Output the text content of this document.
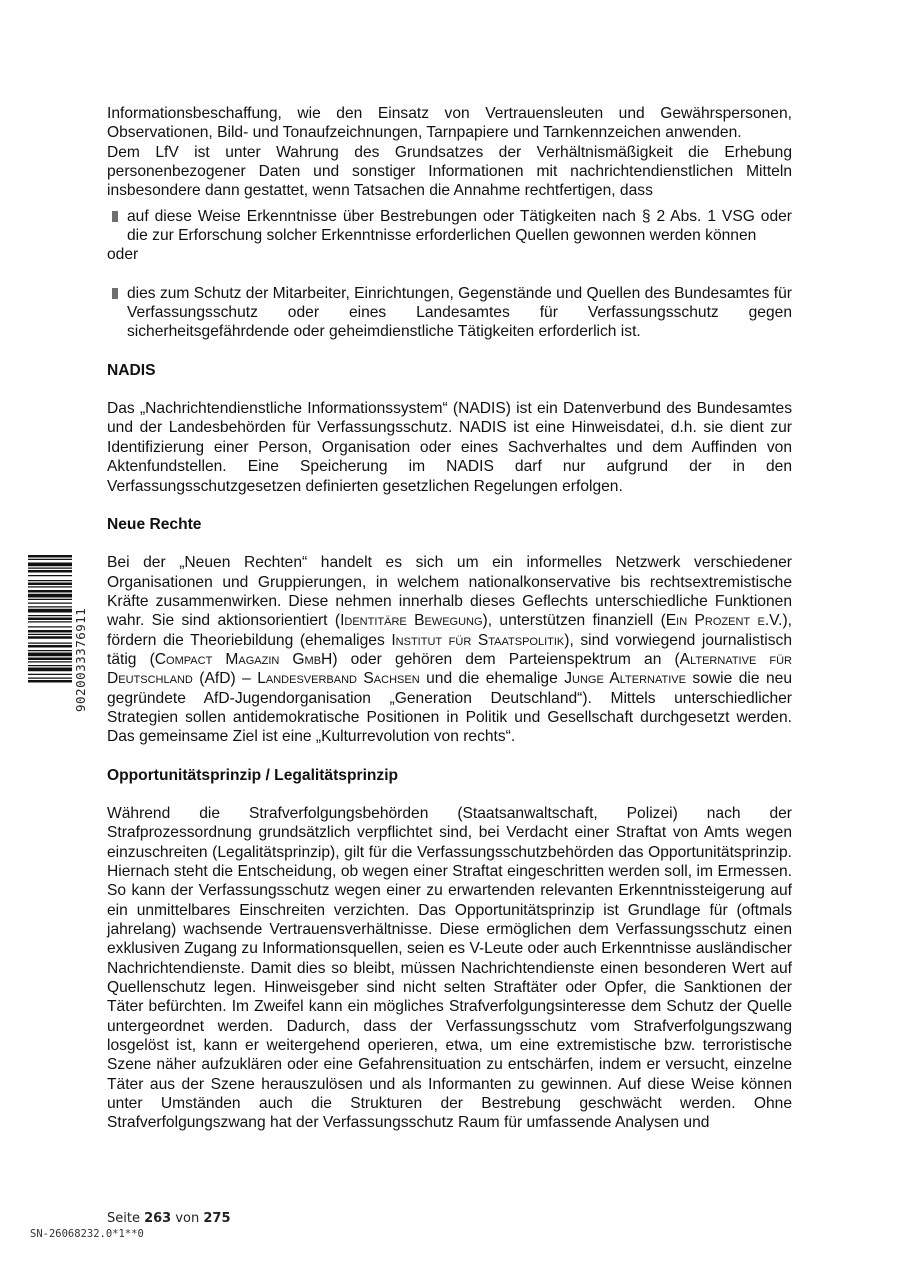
Informationsbeschaffung, wie den Einsatz von Vertrauensleuten und Gewährspersonen, Observationen, Bild- und Tonaufzeichnungen, Tarnpapiere und Tarnkennzeichen anwenden.

Dem LfV ist unter Wahrung des Grundsatzes der Verhältnismäßigkeit die Erhebung personenbezogener Daten und sonstiger Informationen mit nachrichtendienstlichen Mitteln insbesondere dann gestattet, wenn Tatsachen die Annahme rechtfertigen, dass

auf diese Weise Erkenntnisse über Bestrebungen oder Tätigkeiten nach § 2 Abs. 1 VSG oder die zur Erforschung solcher Erkenntnisse erforderlichen Quellen gewonnen werden können

oder

dies zum Schutz der Mitarbeiter, Einrichtungen, Gegenstände und Quellen des Bundesamtes für Verfassungsschutz oder eines Landesamtes für Verfassungsschutz gegen sicherheitsgefährdende oder geheimdienstliche Tätigkeiten erforderlich ist.

NADIS

Das „Nachrichtendienstliche Informationssystem“ (NADIS) ist ein Datenverbund des Bundesamtes und der Landesbehörden für Verfassungsschutz. NADIS ist eine Hinweisdatei, d.h. sie dient zur Identifizierung einer Person, Organisation oder eines Sachverhaltes und dem Auffinden von Aktenfundstellen. Eine Speicherung im NADIS darf nur aufgrund der in den Verfassungsschutzgesetzen definierten gesetzlichen Regelungen erfolgen.

Neue Rechte

Bei der „Neuen Rechten“ handelt es sich um ein informelles Netzwerk verschiedener Organisationen und Gruppierungen, in welchem nationalkonservative bis rechtsextremistische Kräfte zusammenwirken. Diese nehmen innerhalb dieses Geflechts unterschiedliche Funktionen wahr. Sie sind aktionsorientiert (Identitäre Bewegung), unterstützen finanziell (Ein Prozent e.V.), fördern die Theoriebildung (ehemaliges Institut für Staatspolitik), sind vorwiegend journalistisch tätig (Compact Magazin GmbH) oder gehören dem Parteienspektrum an (Alternative für Deutschland (AfD) – Landesverband Sachsen und die ehemalige Junge Alternative sowie die neu gegründete AfD-Jugendorganisation „Generation Deutschland“). Mittels unterschiedlicher Strategien sollen antidemokratische Positionen in Politik und Gesellschaft durchgesetzt werden. Das gemeinsame Ziel ist eine „Kulturrevolution von rechts“.

Opportunitätsprinzip / Legalitätsprinzip

Während die Strafverfolgungsbehörden (Staatsanwaltschaft, Polizei) nach der Strafprozessordnung grundsätzlich verpflichtet sind, bei Verdacht einer Straftat von Amts wegen einzuschreiten (Legalitätsprinzip), gilt für die Verfassungsschutzbehörden das Opportunitätsprinzip. Hiernach steht die Entscheidung, ob wegen einer Straftat eingeschritten werden soll, im Ermessen. So kann der Verfassungsschutz wegen einer zu erwartenden relevanten Erkenntnissteigerung auf ein unmittelbares Einschreiten verzichten. Das Opportunitätsprinzip ist Grundlage für (oftmals jahrelang) wachsende Vertrauensverhältnisse. Diese ermöglichen dem Verfassungsschutz einen exklusiven Zugang zu Informationsquellen, seien es V-Leute oder auch Erkenntnisse ausländischer Nachrichtendienste. Damit dies so bleibt, müssen Nachrichtendienste einen besonderen Wert auf Quellenschutz legen. Hinweisgeber sind nicht selten Straftäter oder Opfer, die Sanktionen der Täter befürchten. Im Zweifel kann ein mögliches Strafverfolgungsinteresse dem Schutz der Quelle untergeordnet werden. Dadurch, dass der Verfassungsschutz vom Strafverfolgungszwang losgelöst ist, kann er weitergehend operieren, etwa, um eine extremistische bzw. terroristische Szene näher aufzuklären oder eine Gefahrensituation zu entschärfen, indem er versucht, einzelne Täter aus der Szene herauszulösen und als Informanten zu gewinnen. Auf diese Weise können unter Umständen auch die Strukturen der Bestrebung geschwächt werden. Ohne Strafverfolgungszwang hat der Verfassungsschutz Raum für umfassende Analysen und

Seite 263 von 275
SN-26068232.0*1**0
9020033376911
